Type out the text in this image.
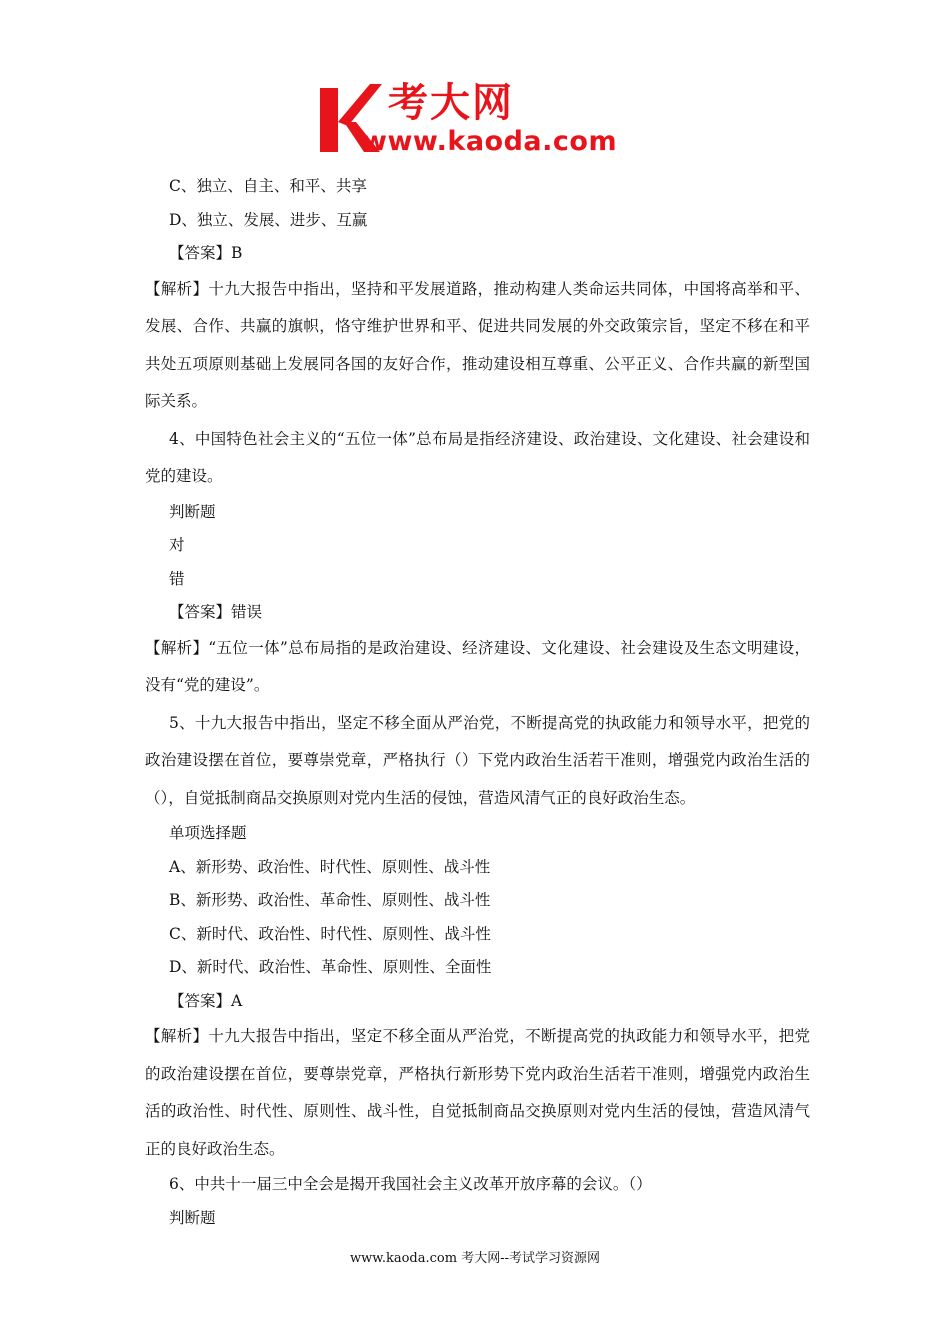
考大网
www.kaoda.com

C、独立、自主、和平、共享

D、独立、发展、进步、互赢

【答案】B

【解析】十九大报告中指出，坚持和平发展道路，推动构建人类命运共同体，中国将高举和平、发展、合作、共赢的旗帜，恪守维护世界和平、促进共同发展的外交政策宗旨，坚定不移在和平共处五项原则基础上发展同各国的友好合作，推动建设相互尊重、公平正义、合作共赢的新型国际关系。

4、中国特色社会主义的“五位一体”总布局是指经济建设、政治建设、文化建设、社会建设和党的建设。

判断题

对

错

【答案】错误

【解析】“五位一体”总布局指的是政治建设、经济建设、文化建设、社会建设及生态文明建设，没有“党的建设”。

5、十九大报告中指出，坚定不移全面从严治党，不断提高党的执政能力和领导水平，把党的政治建设摆在首位，要尊崇党章，严格执行（）下党内政治生活若干准则，增强党内政治生活的（），自觉抵制商品交换原则对党内生活的侵蚀，营造风清气正的良好政治生态。

单项选择题

A、新形势、政治性、时代性、原则性、战斗性

B、新形势、政治性、革命性、原则性、战斗性

C、新时代、政治性、时代性、原则性、战斗性

D、新时代、政治性、革命性、原则性、全面性

【答案】A

【解析】十九大报告中指出，坚定不移全面从严治党，不断提高党的执政能力和领导水平，把党的政治建设摆在首位，要尊崇党章，严格执行新形势下党内政治生活若干准则，增强党内政治生活的政治性、时代性、原则性、战斗性，自觉抵制商品交换原则对党内生活的侵蚀，营造风清气正的良好政治生态。

6、中共十一届三中全会是揭开我国社会主义改革开放序幕的会议。（）

判断题

www.kaoda.com 考大网--考试学习资源网
